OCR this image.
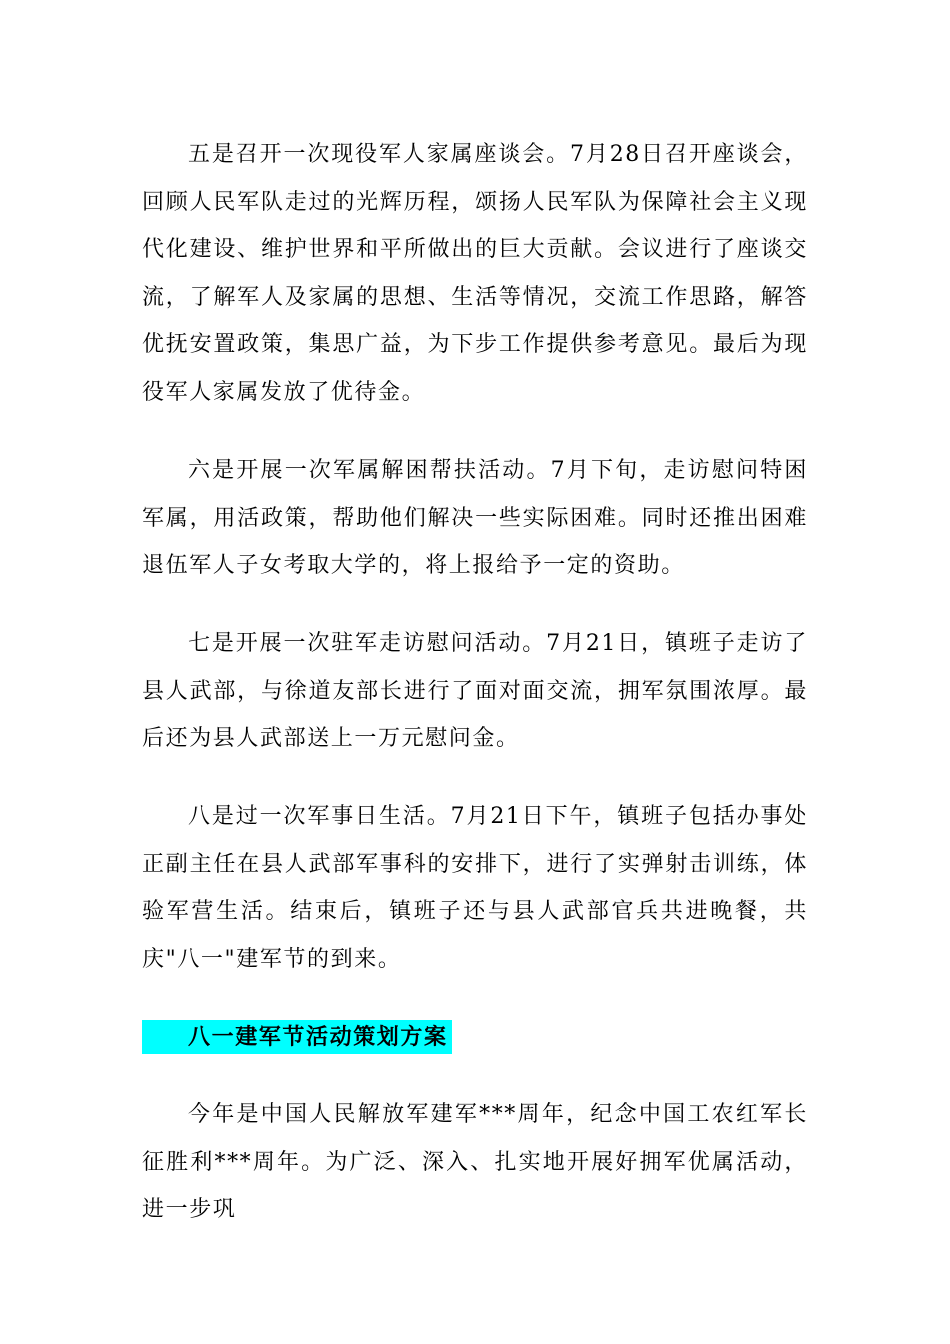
五是召开一次现役军人家属座谈会。7月28日召开座谈会，回顾人民军队走过的光辉历程，颂扬人民军队为保障社会主义现代化建设、维护世界和平所做出的巨大贡献。会议进行了座谈交流，了解军人及家属的思想、生活等情况，交流工作思路，解答优抚安置政策，集思广益，为下步工作提供参考意见。最后为现役军人家属发放了优待金。

六是开展一次军属解困帮扶活动。7月下旬，走访慰问特困军属，用活政策，帮助他们解决一些实际困难。同时还推出困难退伍军人子女考取大学的，将上报给予一定的资助。

七是开展一次驻军走访慰问活动。7月21日，镇班子走访了县人武部，与徐道友部长进行了面对面交流，拥军氛围浓厚。最后还为县人武部送上一万元慰问金。

八是过一次军事日生活。7月21日下午，镇班子包括办事处正副主任在县人武部军事科的安排下，进行了实弹射击训练，体验军营生活。结束后，镇班子还与县人武部官兵共进晚餐，共庆"八一"建军节的到来。

八一建军节活动策划方案

今年是中国人民解放军建军***周年，纪念中国工农红军长征胜利***周年。为广泛、深入、扎实地开展好拥军优属活动，进一步巩
